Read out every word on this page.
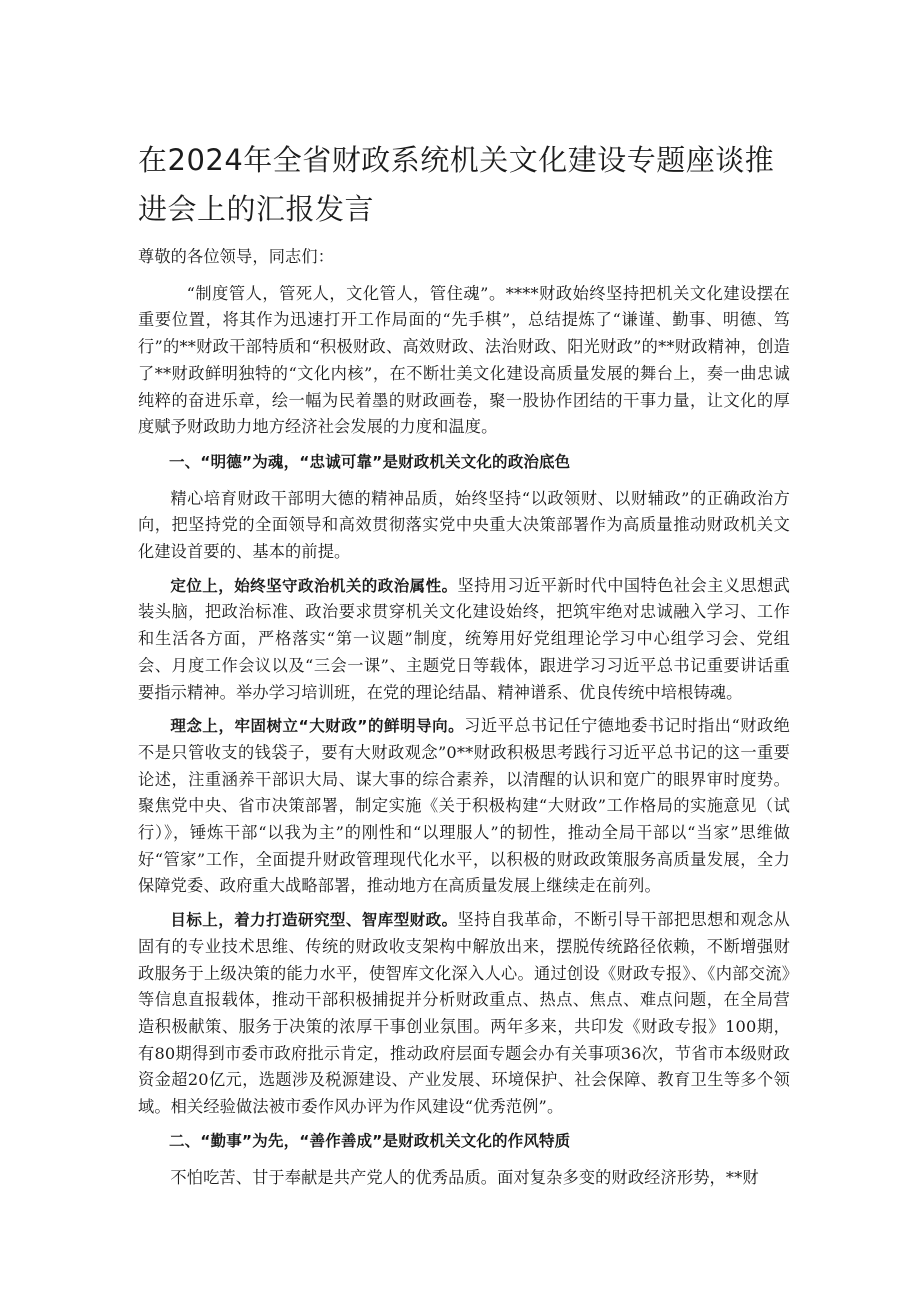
在2024年全省财政系统机关文化建设专题座谈推进会上的汇报发言

尊敬的各位领导，同志们：

“制度管人，管死人，文化管人，管住魂”。****财政始终坚持把机关文化建设摆在重要位置，将其作为迅速打开工作局面的“先手棋”，总结提炼了“谦谨、勤事、明德、笃行”的**财政干部特质和“积极财政、高效财政、法治财政、阳光财政”的**财政精神，创造了**财政鲜明独特的“文化内核”，在不断壮美文化建设高质量发展的舞台上，奏一曲忠诚纯粹的奋进乐章，绘一幅为民着墨的财政画卷，聚一股协作团结的干事力量，让文化的厚度赋予财政助力地方经济社会发展的力度和温度。

一、“明德”为魂，“忠诚可靠”是财政机关文化的政治底色

精心培育财政干部明大德的精神品质，始终坚持“以政领财、以财辅政”的正确政治方向，把坚持党的全面领导和高效贯彻落实党中央重大决策部署作为高质量推动财政机关文化建设首要的、基本的前提。

定位上，始终坚守政治机关的政治属性。坚持用习近平新时代中国特色社会主义思想武装头脑，把政治标准、政治要求贯穿机关文化建设始终，把筑牢绝对忠诚融入学习、工作和生活各方面，严格落实“第一议题”制度，统筹用好党组理论学习中心组学习会、党组会、月度工作会议以及“三会一课”、主题党日等载体，跟进学习习近平总书记重要讲话重要指示精神。举办学习培训班，在党的理论结晶、精神谱系、优良传统中培根铸魂。

理念上，牢固树立“大财政”的鲜明导向。习近平总书记任宁德地委书记时指出“财政绝不是只管收支的钱袋子，要有大财政观念”0**财政积极思考践行习近平总书记的这一重要论述，注重涵养干部识大局、谋大事的综合素养，以清醒的认识和宽广的眼界审时度势。聚焦党中央、省市决策部署，制定实施《关于积极构建“大财政”工作格局的实施意见（试行）》，锤炼干部“以我为主”的刚性和“以理服人”的韧性，推动全局干部以“当家”思维做好“管家”工作，全面提升财政管理现代化水平，以积极的财政政策服务高质量发展，全力保障党委、政府重大战略部署，推动地方在高质量发展上继续走在前列。

目标上，着力打造研究型、智库型财政。坚持自我革命，不断引导干部把思想和观念从固有的专业技术思维、传统的财政收支架构中解放出来，摆脱传统路径依赖，不断增强财政服务于上级决策的能力水平，使智库文化深入人心。通过创设《财政专报》、《内部交流》等信息直报载体，推动干部积极捕捉并分析财政重点、热点、焦点、难点问题，在全局营造积极献策、服务于决策的浓厚干事创业氛围。两年多来，共印发《财政专报》100期，有80期得到市委市政府批示肯定，推动政府层面专题会办有关事项36次，节省市本级财政资金超20亿元，选题涉及税源建设、产业发展、环境保护、社会保障、教育卫生等多个领域。相关经验做法被市委作风办评为作风建设“优秀范例”。

二、“勤事”为先，“善作善成”是财政机关文化的作风特质

不怕吃苦、甘于奉献是共产党人的优秀品质。面对复杂多变的财政经济形势，**财
